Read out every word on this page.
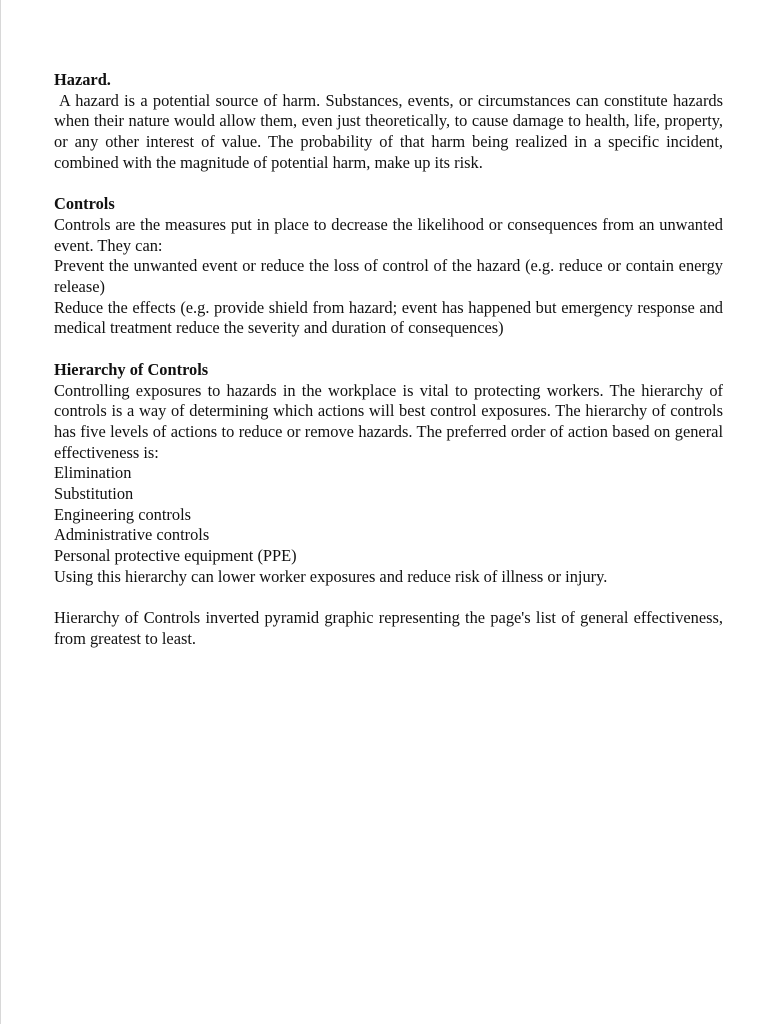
Hazard.

A hazard is a potential source of harm. Substances, events, or circumstances can constitute hazards when their nature would allow them, even just theoretically, to cause damage to health, life, property, or any other interest of value. The probability of that harm being realized in a specific incident, combined with the magnitude of potential harm, make up its risk.

Controls

Controls are the measures put in place to decrease the likelihood or consequences from an unwanted event. They can:

Prevent the unwanted event or reduce the loss of control of the hazard (e.g. reduce or contain energy release)

Reduce the effects (e.g. provide shield from hazard; event has happened but emergency response and medical treatment reduce the severity and duration of consequences)

Hierarchy of Controls

Controlling exposures to hazards in the workplace is vital to protecting workers. The hierarchy of controls is a way of determining which actions will best control exposures. The hierarchy of controls has five levels of actions to reduce or remove hazards. The preferred order of action based on general effectiveness is:

Elimination
Substitution
Engineering controls
Administrative controls
Personal protective equipment (PPE)

Using this hierarchy can lower worker exposures and reduce risk of illness or injury.

Hierarchy of Controls inverted pyramid graphic representing the page's list of general effectiveness, from greatest to least.
